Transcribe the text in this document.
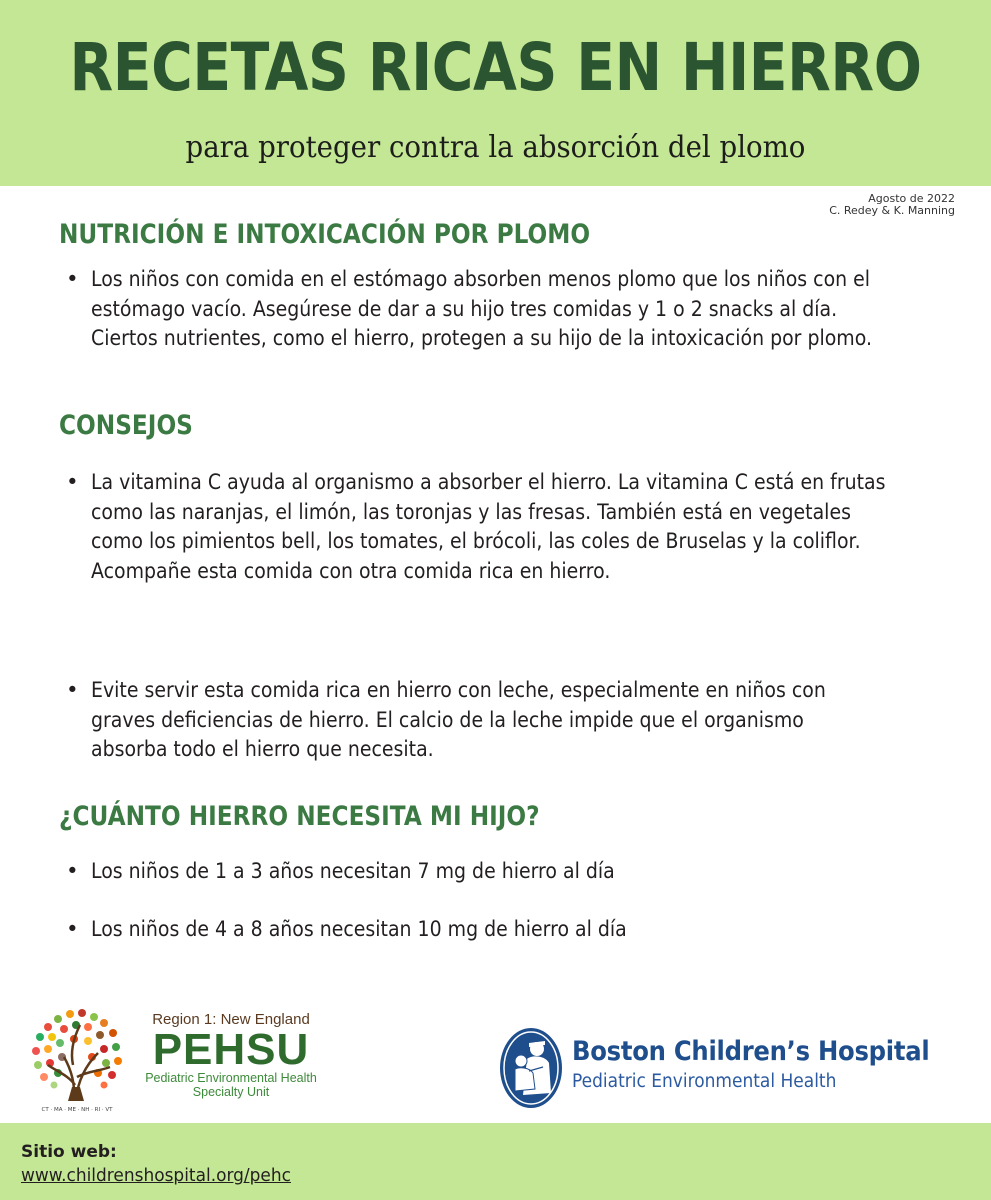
RECETAS RICAS EN HIERRO
para proteger contra la absorción del plomo
Agosto de 2022
C. Redey & K. Manning
NUTRICIÓN E INTOXICACIÓN POR PLOMO
• Los niños con comida en el estómago absorben menos plomo que los niños con el estómago vacío. Asegúrese de dar a su hijo tres comidas y 1 o 2 snacks al día. Ciertos nutrientes, como el hierro, protegen a su hijo de la intoxicación por plomo.
CONSEJOS
• La vitamina C ayuda al organismo a absorber el hierro. La vitamina C está en frutas como las naranjas, el limón, las toronjas y las fresas. También está en vegetales como los pimientos bell, los tomates, el brócoli, las coles de Bruselas y la coliflor. Acompañe esta comida con otra comida rica en hierro.
• Evite servir esta comida rica en hierro con leche, especialmente en niños con graves deficiencias de hierro. El calcio de la leche impide que el organismo absorba todo el hierro que necesita.
¿CUÁNTO HIERRO NECESITA MI HIJO?
• Los niños de 1 a 3 años necesitan 7 mg de hierro al día
• Los niños de 4 a 8 años necesitan 10 mg de hierro al día
CT · MA · ME · NH · RI · VT
Region 1: New England
PEHSU
Pediatric Environmental Health
Specialty Unit
Boston Children’s Hospital
Pediatric Environmental Health
Sitio web:
www.childrenshospital.org/pehc
